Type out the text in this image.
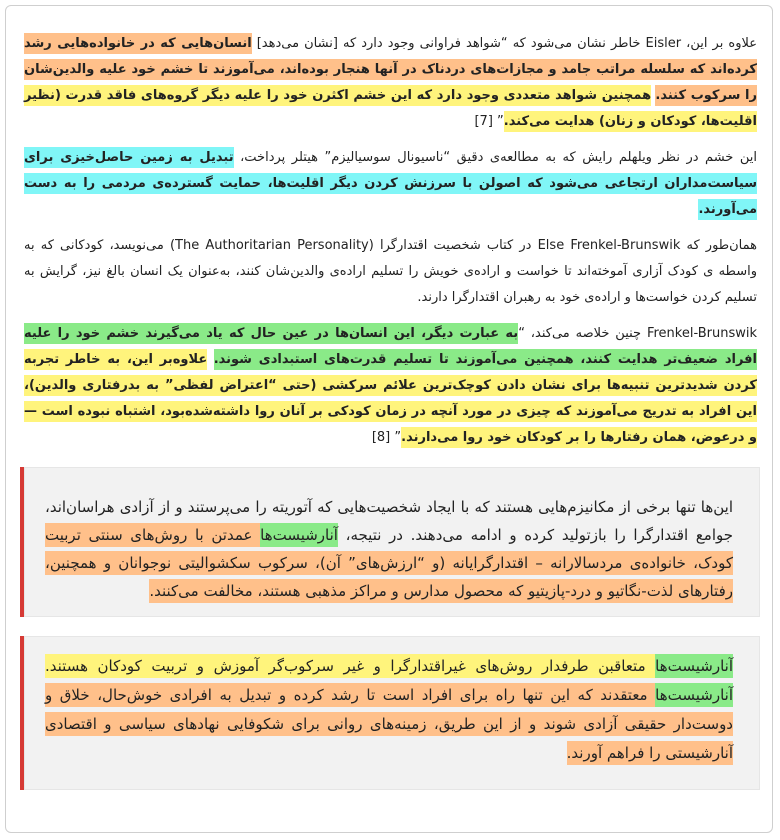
علاوه بر این، Eisler خاطر نشان می‌شود که “شواهد فراوانی وجود دارد که [نشان می‌دهد] انسان‌هایی که در خانواده‌هایی رشد کرده‌اند که سلسله مراتب جامد و مجازات‌های دردناک در آنها هنجار بوده‌اند، می‌آموزند تا خشم خود علیه والدین‌شان را سرکوب کنند. همچنین شواهد متعددی وجود دارد که این خشم اکثرن خود را علیه دیگر گروه‌های فاقد قدرت (نظیر اقلیت‌ها، کودکان و زنان) هدایت می‌کند.” [7]

این خشم در نظر ویلهلم رایش که به مطالعه‌ی دقیق “ناسیونال سوسیالیزم” هیتلر پرداخت، تبدیل به زمین حاصل‌خیزی برای سیاست‌مداران ارتجاعی می‌شود که اصولن با سرزنش کردن دیگر اقلیت‌ها، حمایت گسترده‌ی مردمی را به دست می‌آورند.

همان‌طور که Else Frenkel-Brunswik در کتاب شخصیت اقتدارگرا (The Authoritarian Personality) می‌نویسد، کودکانی که به واسطه ی کودک آزاری آموخته‌اند تا خواست و اراده‌ی خویش را تسلیم اراده‌ی والدین‌شان کنند، به‌عنوان یک انسان بالغ نیز، گرایش به تسلیم کردن خواست‌ها و اراده‌ی خود به رهبران اقتدارگرا دارند.

Frenkel-Brunswik چنین خلاصه می‌کند، “به عبارت دیگر، این انسان‌ها در عین حال که یاد می‌گیرند خشم خود را علیه افراد ضعیف‌تر هدایت کنند، همچنین می‌آموزند تا تسلیم قدرت‌های استبدادی شوند. علاوه‌بر این، به خاطر تجربه کردن شدیدترین تنبیه‌ها برای نشان دادن کوچک‌ترین علائم سرکشی (حتی “اعتراض لفظی” به بدرفتاری والدین)، این افراد به تدریج می‌آموزند که چیزی در مورد آنچه در زمان کودکی بر آنان روا داشته‌شده‌بود، اشتباه نبوده است — و درعوض، همان رفتارها را بر کودکان خود روا می‌دارند.” [8]

این‌ها تنها برخی از مکانیزم‌هایی هستند که با ایجاد شخصیت‌هایی که آتوریته را می‌پرستند و از آزادی هراسان‌اند، جوامع اقتدارگرا را بازتولید کرده و ادامه می‌دهند. در نتیجه، آنارشیست‌ها عمدتن با روش‌های سنتی تربیت کودک، خانواده‌ی مردسالارانه – اقتدارگرایانه (و “ارزش‌های” آن)، سرکوب سکشوالیتی نوجوانان و همچنین، رفتارهای لذت-نگاتیو و درد-پازیتیو که محصول مدارس و مراکز مذهبی هستند، مخالفت می‌کنند.

آنارشیست‌ها متعاقبن طرفدار روش‌های غیراقتدارگرا و غیر سرکوب‌گر آموزش و تربیت کودکان هستند. آنارشیست‌ها معتقدند که این تنها راه برای افراد است تا رشد کرده و تبدیل به افرادی خوش‌حال، خلاق و دوست‌دار حقیقی آزادی شوند و از این طریق، زمینه‌های روانی برای شکوفایی نهادهای سیاسی و اقتصادی آنارشیستی را فراهم آورند.
